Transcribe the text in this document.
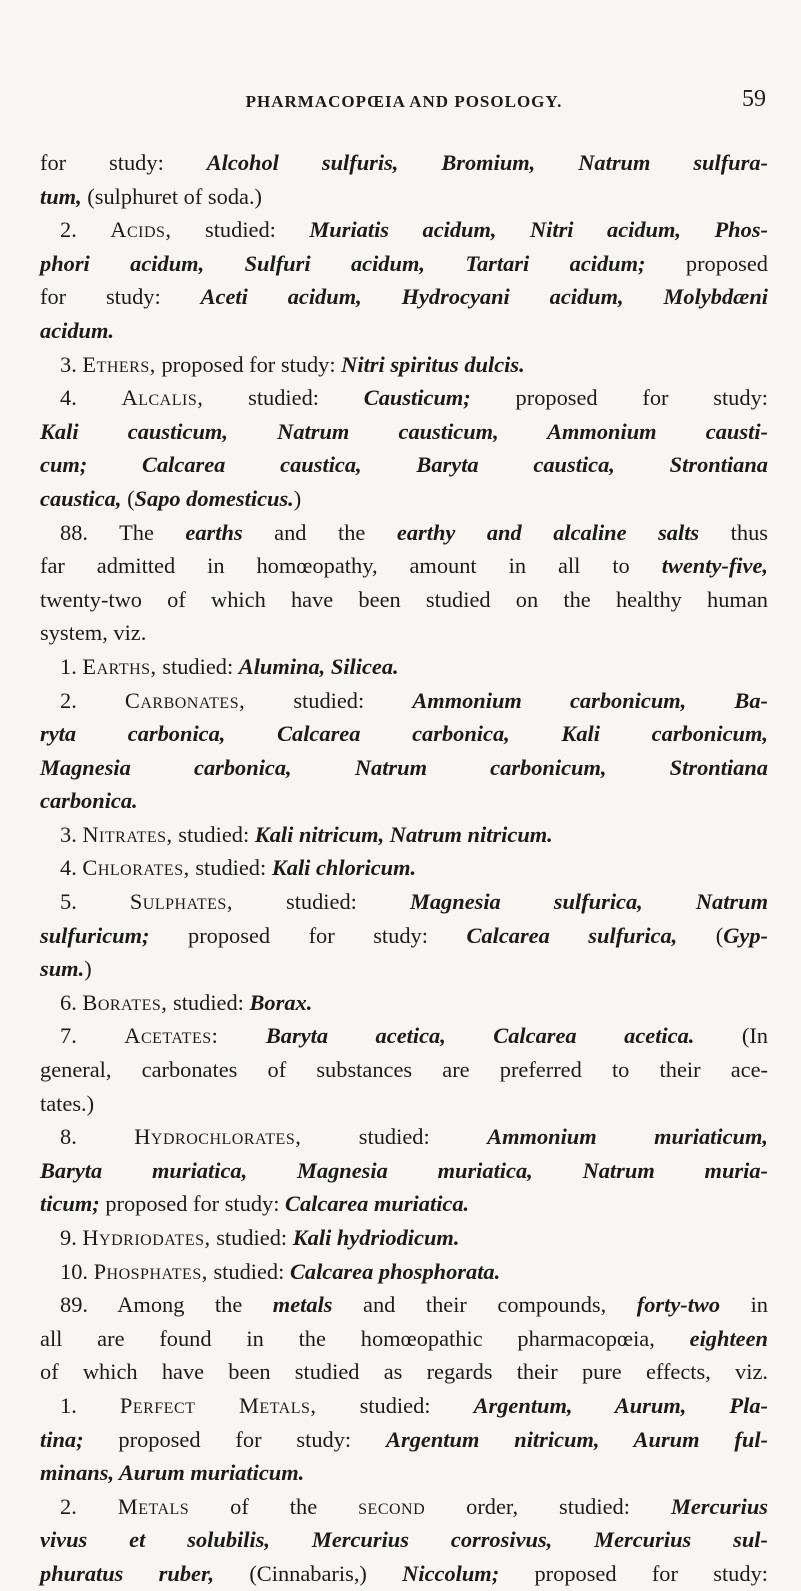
PHARMACOPŒIA AND POSOLOGY.	59
for study: Alcohol sulfuris, Bromium, Natrum sulfura-
tum, (sulphuret of soda.)
2. Acids, studied: Muriatis acidum, Nitri acidum, Phos-
phori acidum, Sulfuri acidum, Tartari acidum; proposed
for study: Aceti acidum, Hydrocyani acidum, Molybdæni
acidum.
3. Ethers, proposed for study: Nitri spiritus dulcis.
4. Alcalis, studied: Causticum; proposed for study:
Kali causticum, Natrum causticum, Ammonium causti-
cum; Calcarea caustica, Baryta caustica, Strontiana
caustica, (Sapo domesticus.)
88. The earths and the earthy and alcaline salts thus
far admitted in homœopathy, amount in all to twenty-five,
twenty-two of which have been studied on the healthy human
system, viz.
1. Earths, studied: Alumina, Silicea.
2. Carbonates, studied: Ammonium carbonicum, Ba-
ryta carbonica, Calcarea carbonica, Kali carbonicum,
Magnesia carbonica, Natrum carbonicum, Strontiana
carbonica.
3. Nitrates, studied: Kali nitricum, Natrum nitricum.
4. Chlorates, studied: Kali chloricum.
5. Sulphates, studied: Magnesia sulfurica, Natrum
sulfuricum; proposed for study: Calcarea sulfurica, (Gyp-
sum.)
6. Borates, studied: Borax.
7. Acetates: Baryta acetica, Calcarea acetica. (In
general, carbonates of substances are preferred to their ace-
tates.)
8. Hydrochlorates, studied: Ammonium muriaticum,
Baryta muriatica, Magnesia muriatica, Natrum muria-
ticum; proposed for study: Calcarea muriatica.
9. Hydriodates, studied: Kali hydriodicum.
10. Phosphates, studied: Calcarea phosphorata.
89. Among the metals and their compounds, forty-two in
all are found in the homœopathic pharmacopœia, eighteen
of which have been studied as regards their pure effects, viz.
1. Perfect Metals, studied: Argentum, Aurum, Pla-
tina; proposed for study: Argentum nitricum, Aurum ful-
minans, Aurum muriaticum.
2. Metals of the second order, studied: Mercurius
vivus et solubilis, Mercurius corrosivus, Mercurius sul-
phuratus ruber, (Cinnabaris,) Niccolum; proposed for study:
